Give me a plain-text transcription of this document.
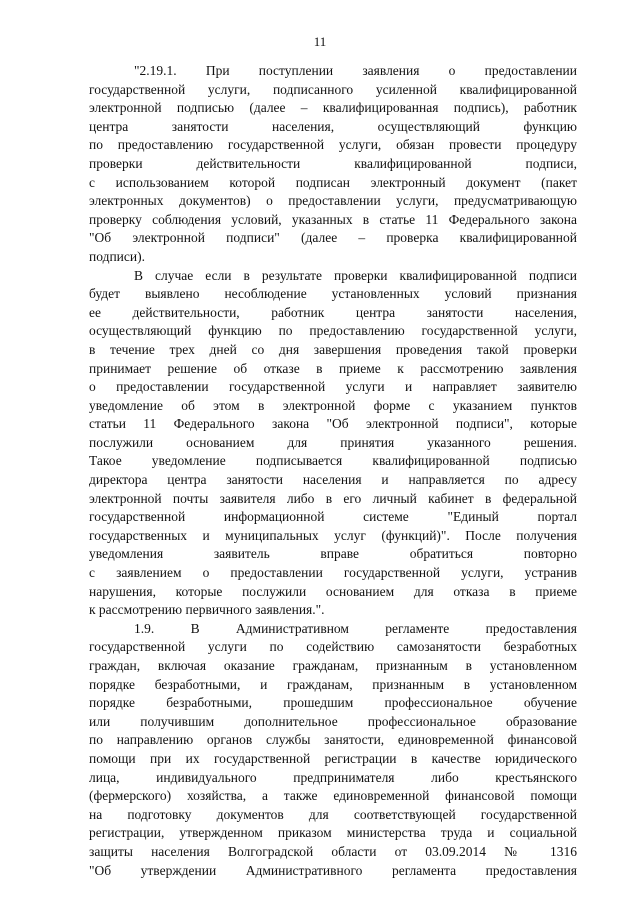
11

"2.19.1. При поступлении заявления о предоставлении

государственной услуги, подписанного усиленной квалифицированной

электронной подписью (далее – квалифицированная подпись), работник

центра занятости населения, осуществляющий функцию

по предоставлению государственной услуги, обязан провести процедуру

проверки действительности квалифицированной подписи,

с использованием которой подписан электронный документ (пакет

электронных документов) о предоставлении услуги, предусматривающую

проверку соблюдения условий, указанных в статье 11 Федерального закона

"Об электронной подписи" (далее – проверка квалифицированной

подписи).

В случае если в результате проверки квалифицированной подписи

будет выявлено несоблюдение установленных условий признания

ее действительности, работник центра занятости населения,

осуществляющий функцию по предоставлению государственной услуги,

в течение трех дней со дня завершения проведения такой проверки

принимает решение об отказе в приеме к рассмотрению заявления

о предоставлении государственной услуги и направляет заявителю

уведомление об этом в электронной форме с указанием пунктов

статьи 11 Федерального закона "Об электронной подписи", которые

послужили основанием для принятия указанного решения.

Такое уведомление подписывается квалифицированной подписью

директора центра занятости населения и направляется по адресу

электронной почты заявителя либо в его личный кабинет в федеральной

государственной информационной системе "Единый портал

государственных и муниципальных услуг (функций)". После получения

уведомления заявитель вправе обратиться повторно

с заявлением о предоставлении государственной услуги, устранив

нарушения, которые послужили основанием для отказа в приеме

к рассмотрению первичного заявления.".

1.9. В Административном регламенте предоставления

государственной услуги по содействию самозанятости безработных

граждан, включая оказание гражданам, признанным в установленном

порядке безработными, и гражданам, признанным в установленном

порядке безработными, прошедшим профессиональное обучение

или получившим дополнительное профессиональное образование

по направлению органов службы занятости, единовременной финансовой

помощи при их государственной регистрации в качестве юридического

лица, индивидуального предпринимателя либо крестьянского

(фермерского) хозяйства, а также единовременной финансовой помощи

на подготовку документов для соответствующей государственной

регистрации, утвержденном приказом министерства труда и социальной

защиты населения Волгоградской области от 03.09.2014 № 1316

"Об утверждении Административного регламента предоставления
